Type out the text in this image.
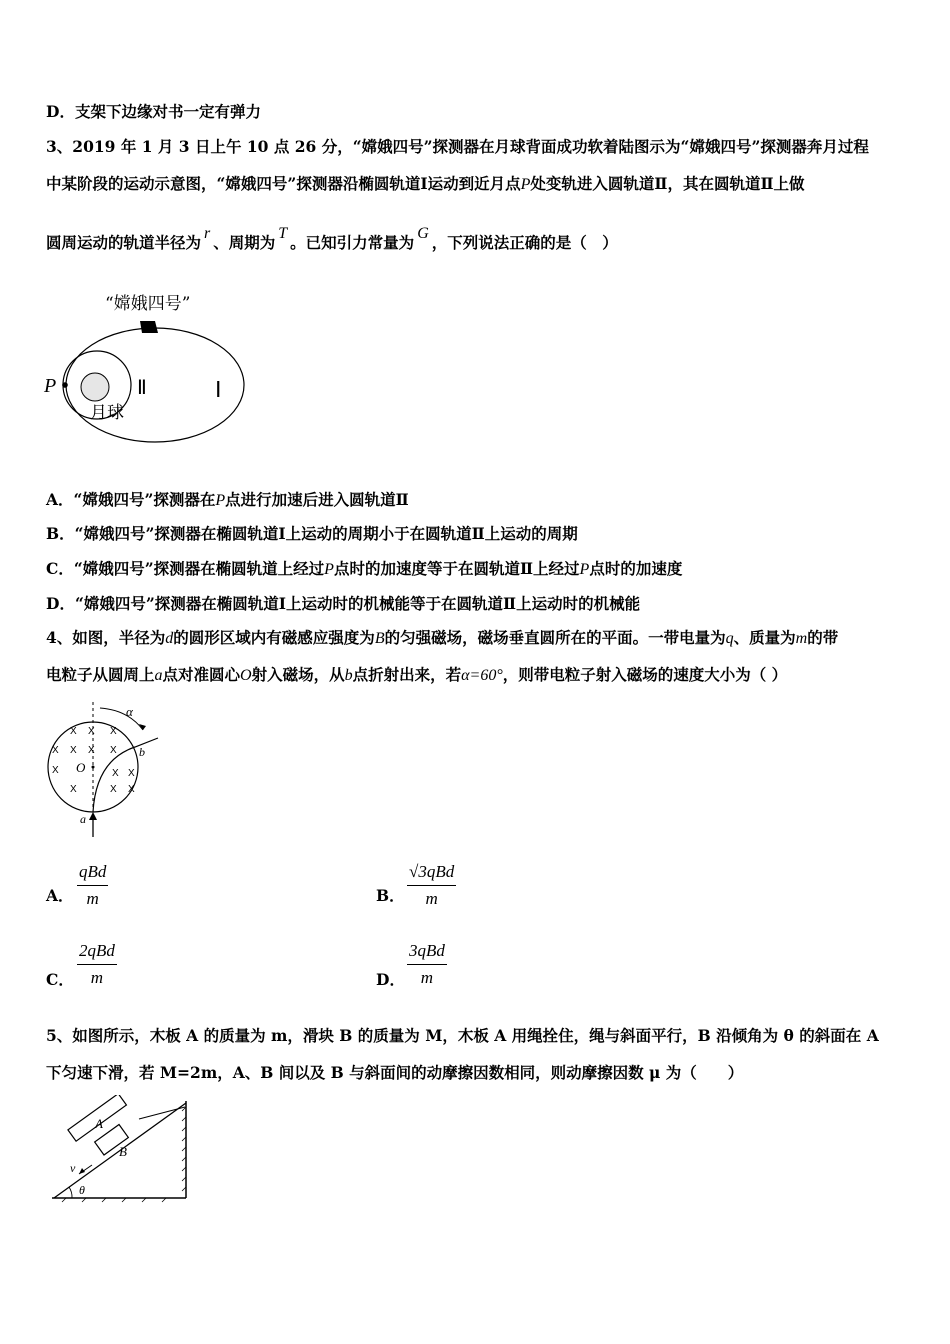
D．支架下边缘对书一定有弹力
3、2019 年 1 月 3 日上午 10 点 26 分，“嫦娥四号”探测器在月球背面成功软着陆图示为“嫦娥四号”探测器奔月过程
中某阶段的运动示意图，“嫦娥四号”探测器沿椭圆轨道Ⅰ运动到近月点P处变轨进入圆轨道Ⅱ，其在圆轨道Ⅱ上做
圆周运动的轨道半径为 r 、周期为 T 。已知引力常量为 G ，下列说法正确的是（　）
“嫦娥四号”
P	Ⅱ	Ⅰ
月球
A．“嫦娥四号”探测器在P点进行加速后进入圆轨道Ⅱ
B．“嫦娥四号”探测器在椭圆轨道Ⅰ上运动的周期小于在圆轨道Ⅱ上运动的周期
C．“嫦娥四号”探测器在椭圆轨道上经过P点时的加速度等于在圆轨道Ⅱ上经过P点时的加速度
D．“嫦娥四号”探测器在椭圆轨道Ⅰ上运动时的机械能等于在圆轨道Ⅱ上运动时的机械能
4、如图，半径为d的圆形区域内有磁感应强度为B的匀强磁场，磁场垂直圆所在的平面。一带电量为q、质量为m的带
电粒子从圆周上a点对准圆心O射入磁场，从b点折射出来，若α=60°，则带电粒子射入磁场的速度大小为（ ）
α
b
O
X X X
X X X X
X	X X
X	X X
a
A．
qBd
m	B．
√3qBd
m
C．
2qBd
m	D．
3qBd
m
5、如图所示，木板 A 的质量为 m，滑块 B 的质量为 M，木板 A 用绳拴住，绳与斜面平行，B 沿倾角为 θ 的斜面在 A
下匀速下滑，若 M=2m，A、B 间以及 B 与斜面间的动摩擦因数相同，则动摩擦因数 μ 为（　　）
A
B
v
θ
